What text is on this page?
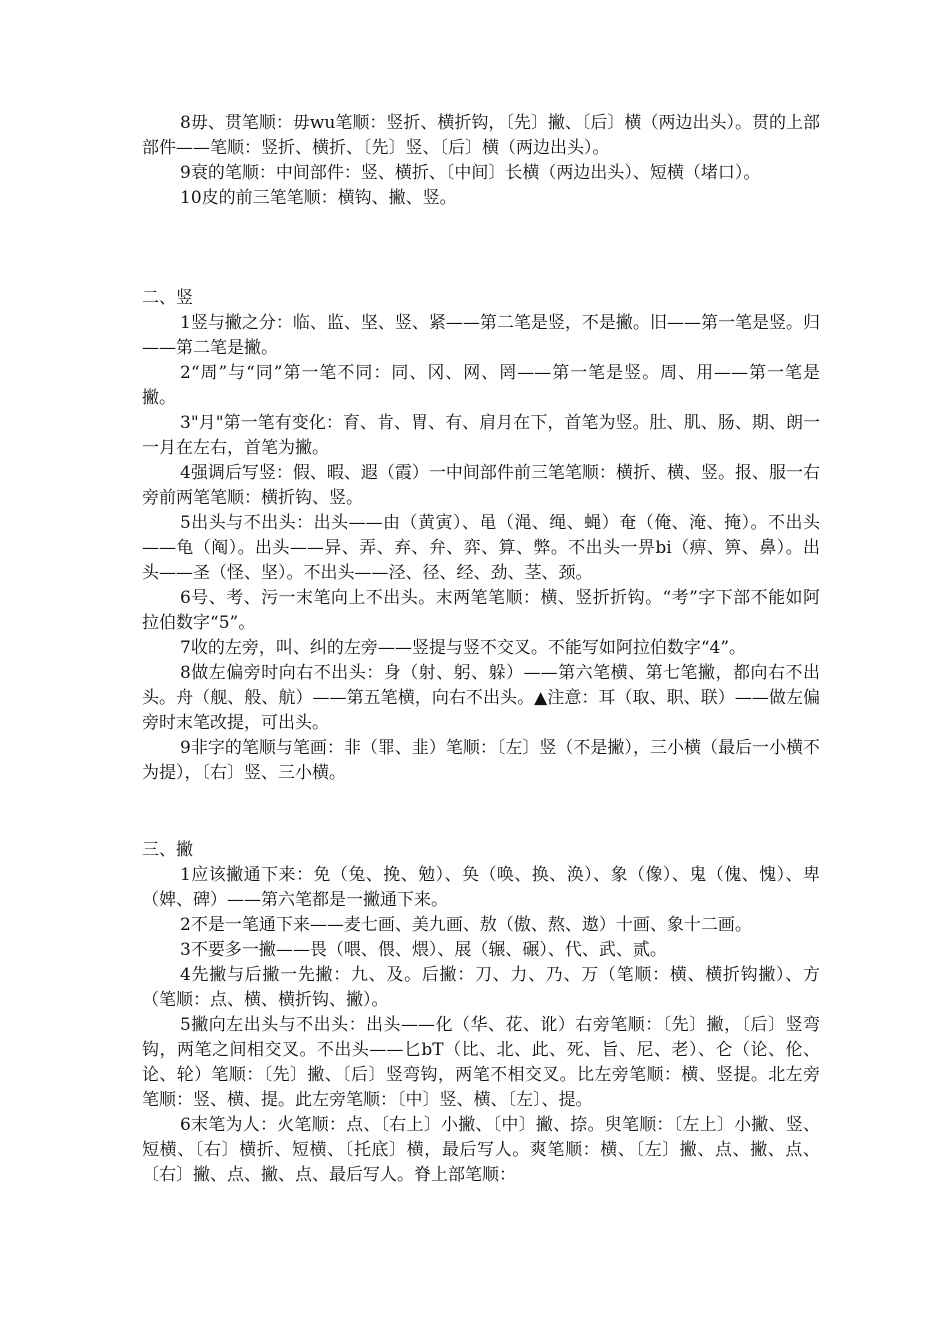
8毋、贯笔顺：毋wu笔顺：竖折、横折钩，〔先〕撇、〔后〕横（两边出头）。贯的上部部件——笔顺：竖折、横折、〔先〕竖、〔后〕横（两边出头）。

9衰的笔顺：中间部件：竖、横折、〔中间〕长横（两边出头）、短横（堵口）。

10皮的前三笔笔顺：横钩、撇、竖。

二、竖

1竖与撇之分：临、监、坚、竖、紧——第二笔是竖，不是撇。旧——第一笔是竖。归——第二笔是撇。

2“周”与“同”第一笔不同：同、冈、网、罔——第一笔是竖。周、用——第一笔是撇。

3"月"第一笔有变化：育、肯、胃、有、肩月在下，首笔为竖。肚、肌、肠、期、朗一一月在左右，首笔为撇。

4强调后写竖：假、暇、遐（霞）一中间部件前三笔笔顺：横折、横、竖。报、服一右旁前两笔笔顺：横折钩、竖。

5出头与不出头：出头——由（黄寅）、黾（渑、绳、蝇）奄（俺、淹、掩）。不出头——龟（阄）。出头——异、弄、弃、弁、弈、算、弊。不出头一畀bi（痹、箅、鼻）。出头——圣（怪、坚）。不出头——泾、径、经、劲、茎、颈。

6号、考、污一末笔向上不出头。末两笔笔顺：横、竖折折钩。“考”字下部不能如阿拉伯数字“5”。

7收的左旁，叫、纠的左旁——竖提与竖不交叉。不能写如阿拉伯数字“4”。

8做左偏旁时向右不出头：身（射、躬、躲）——第六笔横、第七笔撇，都向右不出头。舟（舰、般、航）——第五笔横，向右不出头。▲注意：耳（取、职、联）——做左偏旁时末笔改提，可出头。

9非字的笔顺与笔画：非（罪、韭）笔顺：〔左〕竖（不是撇），三小横（最后一小横不为提），〔右〕竖、三小横。

三、撇

1应该撇通下来：免（兔、挽、勉）、奂（唤、换、涣）、象（像）、鬼（傀、愧）、卑（婢、碑）——第六笔都是一撇通下来。

2不是一笔通下来——麦七画、美九画、敖（傲、熬、遨）十画、象十二画。

3不要多一撇——畏（喂、偎、煨）、展（辗、碾）、代、武、贰。

4先撇与后撇一先撇：九、及。后撇：刀、力、乃、万（笔顺：横、横折钩撇）、方（笔顺：点、横、横折钩、撇）。

5撇向左出头与不出头：出头——化（华、花、讹）右旁笔顺：〔先〕撇，〔后〕竖弯钩，两笔之间相交叉。不出头——匕bT（比、北、此、死、旨、尼、老）、仑（论、伦、论、轮）笔顺：〔先〕撇、〔后〕竖弯钩，两笔不相交叉。比左旁笔顺：横、竖提。北左旁笔顺：竖、横、提。此左旁笔顺：〔中〕竖、横、〔左〕、提。

6末笔为人：火笔顺：点、〔右上〕小撇、〔中〕撇、捺。臾笔顺：〔左上〕小撇、竖、短横、〔右〕横折、短横、〔托底〕横，最后写人。爽笔顺：横、〔左〕撇、点、撇、点、〔右〕撇、点、撇、点、最后写人。脊上部笔顺：
